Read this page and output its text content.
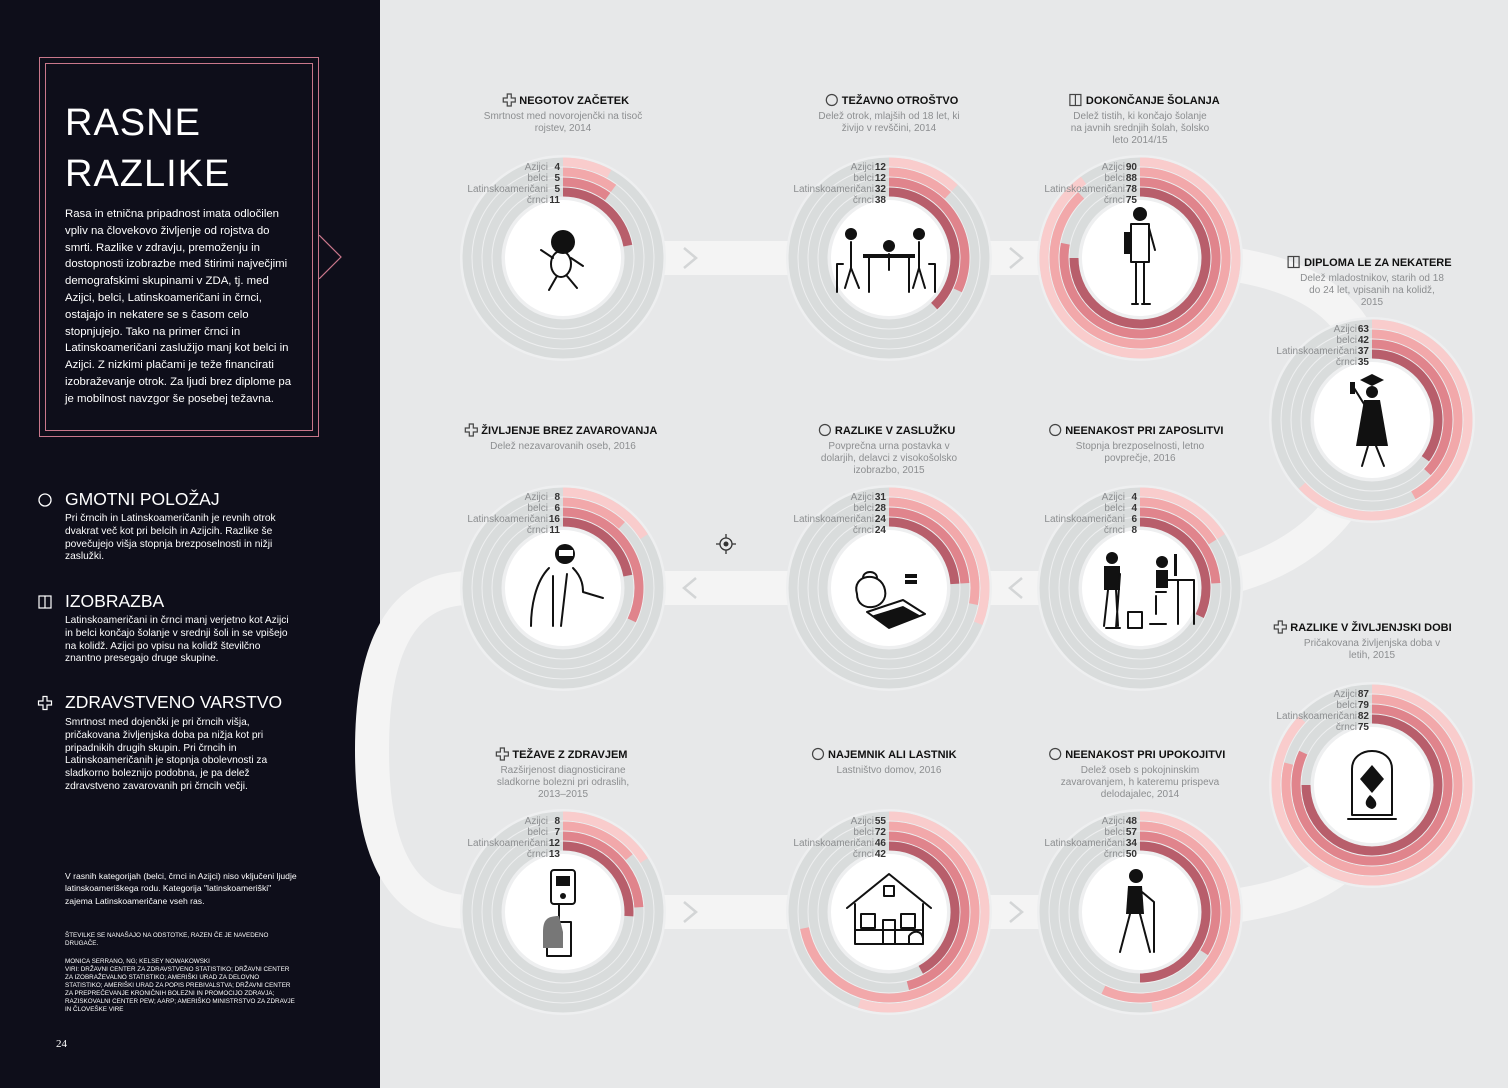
RASNE
RAZLIKE

Rasa in etnična pripadnost imata odločilen vpliv na človekovo življenje od rojstva do smrti. Razlike v zdravju, premoženju in dostopnosti izobrazbe med štirimi največjimi demografskimi skupinami v ZDA, tj. med Azijci, belci, Latinskoameričani in črnci, ostajajo in nekatere se s časom celo stopnjujejo. Tako na primer črnci in Latinskoameričani zaslužijo manj kot belci in Azijci. Z nizkimi plačami je teže financirati izobraževanje otrok. Za ljudi brez diplome pa je mobilnost navzgor še posebej težavna.

GMOTNI POLOŽAJ

Pri črncih in Latinskoameričanih je revnih otrok dvakrat več kot pri belcih in Azijcih. Razlike še povečujejo višja stopnja brezposelnosti in nižji zaslužki.

IZOBRAZBA

Latinskoameričani in črnci manj verjetno kot Azijci in belci končajo šolanje v srednji šoli in se vpišejo na kolidž. Azijci po vpisu na kolidž številčno znantno presegajo druge skupine.

ZDRAVSTVENO VARSTVO

Smrtnost med dojenčki je pri črncih višja, pričakovana življenjska doba pa nižja kot pri pripadnikih drugih skupin. Pri črncih in Latinskoameričanih je stopnja obolevnosti za sladkorno boleznijo podobna, je pa delež zdravstveno zavarovanih pri črncih večji.

V rasnih kategorijah (belci, črnci in Azijci) niso vključeni ljudje latinskoameriškega rodu. Kategorija "latinskoameriški" zajema Latinskoameričane vseh ras.

ŠTEVILKE SE NANAŠAJO NA ODSTOTKE, RAZEN ČE JE NAVEDENO DRUGAČE.

MONICA SERRANO, NG; KELSEY NOWAKOWSKI
VIRI: DRŽAVNI CENTER ZA ZDRAVSTVENO STATISTIKO; DRŽAVNI CENTER ZA IZOBRAŽEVALNO STATISTIKO; AMERIŠKI URAD ZA DELOVNO STATISTIKO; AMERIŠKI URAD ZA POPIS PREBIVALSTVA; DRŽAVNI CENTER ZA PREPREČEVANJE KRONIČNIH BOLEZNI IN PROMOCIJO ZDRAVJA; RAZISKOVALNI CENTER PEW; AARP; AMERIŠKO MINISTRSTVO ZA ZDRAVJE IN ČLOVEŠKE VIRE

24
Azijci 4
belci 5
Latinskoameričani 5
črnci 11
NEGOTOV ZAČETEK
Smrtnost med novorojenčki na tisoč
rojstev, 2014
Azijci 12
belci 12
Latinskoameričani 32
črnci 38
TEŽAVNO OTROŠTVO
Delež otrok, mlajših od 18 let, ki
živijo v revščini, 2014
Azijci 90
belci 88
Latinskoameričani 78
črnci 75
DOKONČANJE ŠOLANJA
Delež tistih, ki končajo šolanje
na javnih srednjih šolah, šolsko
leto 2014/15
Azijci 63
belci 42
Latinskoameričani 37
črnci 35
DIPLOMA LE ZA NEKATERE
Delež mladostnikov, starih od 18
do 24 let, vpisanih na kolidž,
2015
Azijci 4
belci 4
Latinskoameričani 6
črnci 8
NEENAKOST PRI ZAPOSLITVI
Stopnja brezposelnosti, letno
povprečje, 2016
Azijci 31
belci 28
Latinskoameričani 24
črnci 24
RAZLIKE V ZASLUŽKU
Povprečna urna postavka v
dolarjih, delavci z visokošolsko
izobrazbo, 2015
Azijci 8
belci 6
Latinskoameričani 16
črnci 11
ŽIVLJENJE BREZ ZAVAROVANJA
Delež nezavarovanih oseb, 2016
Azijci 8
belci 7
Latinskoameričani 12
črnci 13
TEŽAVE Z ZDRAVJEM
Razširjenost diagnosticirane
sladkorne bolezni pri odraslih,
2013–2015
Azijci 55
belci 72
Latinskoameričani 46
črnci 42
NAJEMNIK ALI LASTNIK
Lastništvo domov, 2016
Azijci 48
belci 57
Latinskoameričani 34
črnci 50
NEENAKOST PRI UPOKOJITVI
Delež oseb s pokojninskim
zavarovanjem, h kateremu prispeva
delodajalec, 2014
Azijci 87
belci 79
Latinskoameričani 82
črnci 75
RAZLIKE V ŽIVLJENJSKI DOBI
Pričakovana življenjska doba v
letih, 2015
